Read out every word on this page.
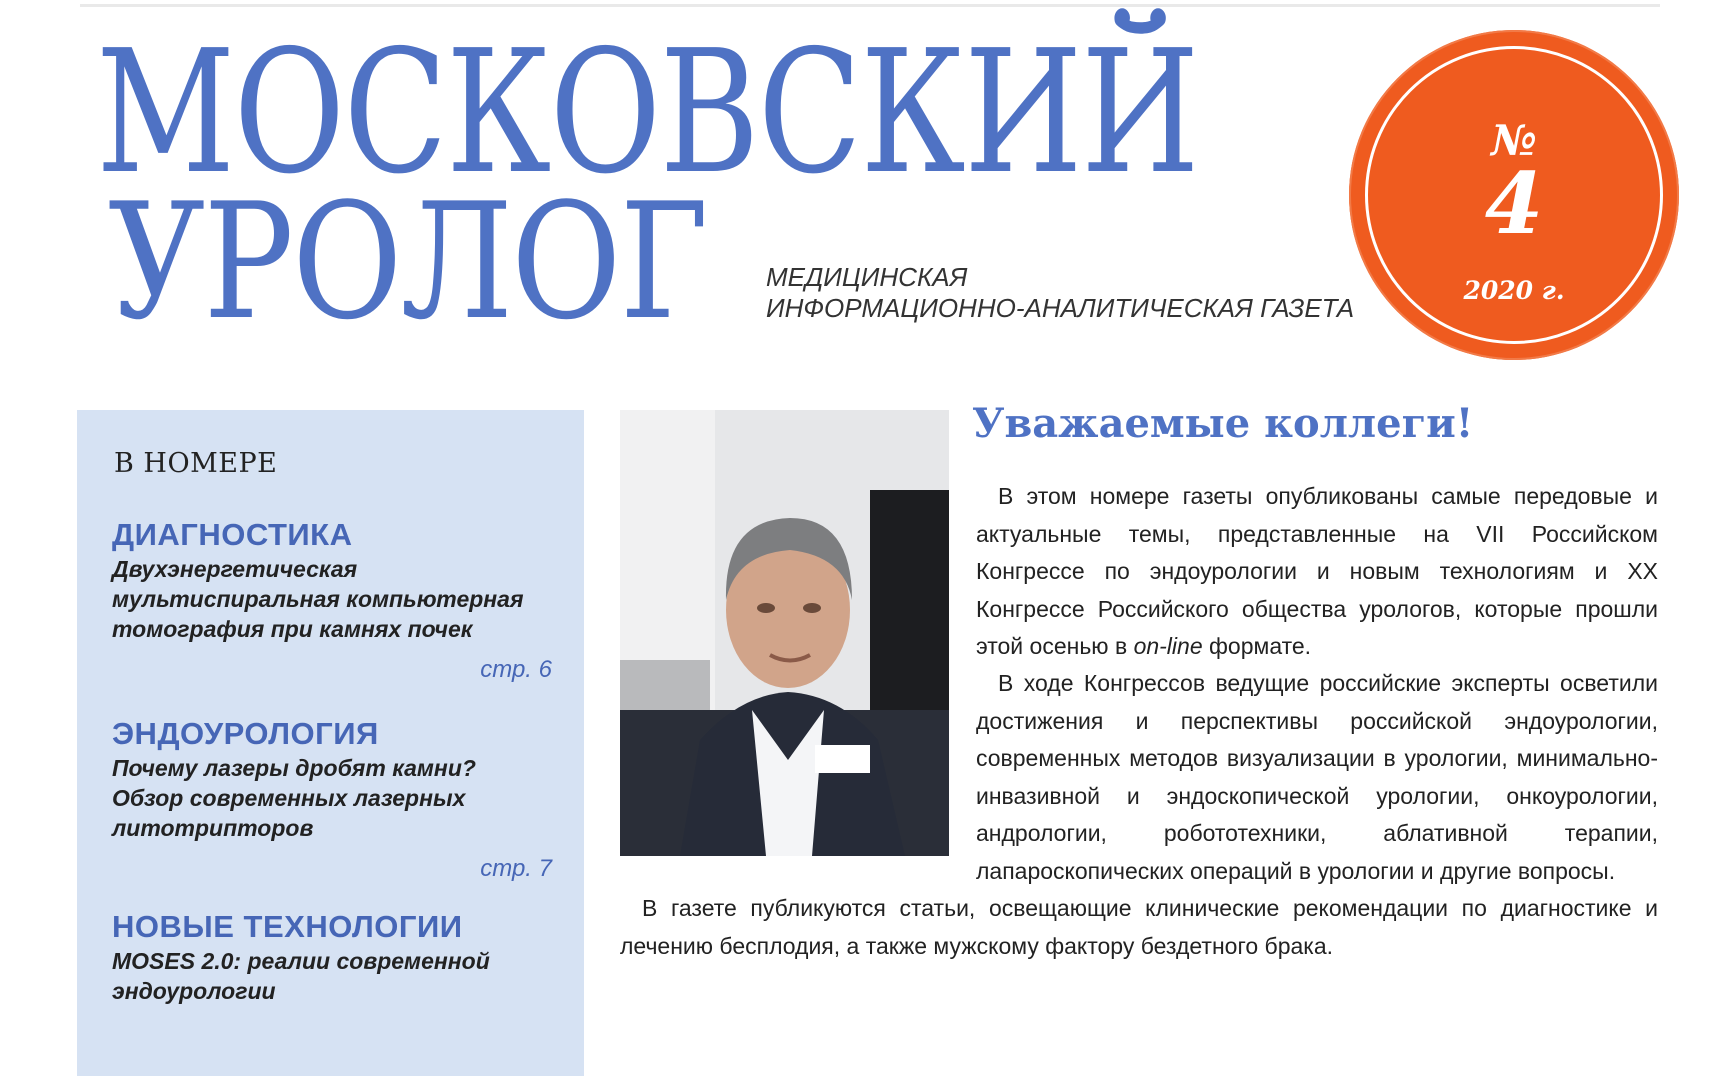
МОСКОВСКИЙ
УРОЛОГ МЕДИЦИНСКАЯ
ИНФОРМАЦИОННО-АНАЛИТИЧЕСКАЯ ГАЗЕТА
№
4
2020 г.
В НОМЕРЕ
ДИАГНОСТИКА
Двухэнергетическая мультиспиральная компьютерная томография при камнях почек
стр. 6
ЭНДОУРОЛОГИЯ
Почему лазеры дробят камни? Обзор современных лазерных литотрипторов
стр. 7
НОВЫЕ ТЕХНОЛОГИИ
MOSES 2.0: реалии современной эндоурологии
Уважаемые коллеги!
В этом номере газеты опубликованы самые передовые и актуальные темы, представленные на VII Российском Конгрессе по эндоурологии и новым технологиям и XX Конгрессе Российского общества урологов, которые прошли этой осенью в on-line формате.
В ходе Конгрессов ведущие российские эксперты осветили достижения и перспективы российской эндоурологии, современных методов визуализации в урологии, минимально-инвазивной и эндоскопической урологии, онкоурологии, андрологии, робототехники, аблативной терапии, лапароскопических операций в урологии и другие вопросы.
В газете публикуются статьи, освещающие клинические рекомендации по диагностике и лечению бесплодия, а также мужскому фактору бездетного брака.
